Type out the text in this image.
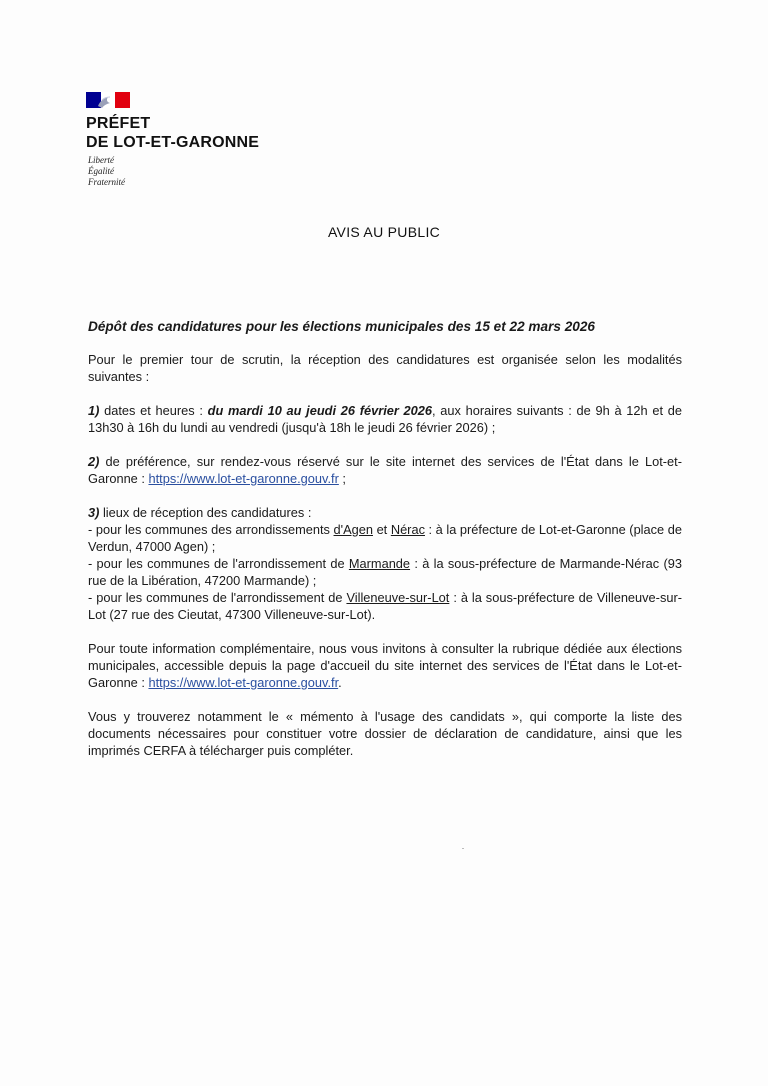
PRÉFET
DE LOT-ET-GARONNE
Liberté
Égalité
Fraternité
AVIS AU PUBLIC

Dépôt des candidatures pour les élections municipales des 15 et 22 mars 2026

Pour le premier tour de scrutin, la réception des candidatures est organisée selon les modalités suivantes :

1) dates et heures : du mardi 10 au jeudi 26 février 2026, aux horaires suivants : de 9h à 12h et de 13h30 à 16h du lundi au vendredi (jusqu'à 18h le jeudi 26 février 2026) ;

2) de préférence, sur rendez-vous réservé sur le site internet des services de l'État dans le Lot-et-Garonne : https://www.lot-et-garonne.gouv.fr ;

3) lieux de réception des candidatures :

- pour les communes des arrondissements d'Agen et Nérac : à la préfecture de Lot-et-Garonne (place de Verdun, 47000 Agen) ;

- pour les communes de l'arrondissement de Marmande : à la sous-préfecture de Marmande-Nérac (93 rue de la Libération, 47200 Marmande) ;

- pour les communes de l'arrondissement de Villeneuve-sur-Lot : à la sous-préfecture de Villeneuve-sur-Lot (27 rue des Cieutat, 47300 Villeneuve-sur-Lot).

Pour toute information complémentaire, nous vous invitons à consulter la rubrique dédiée aux élections municipales, accessible depuis la page d'accueil du site internet des services de l'État dans le Lot-et-Garonne : https://www.lot-et-garonne.gouv.fr.

Vous y trouverez notamment le « mémento à l'usage des candidats », qui comporte la liste des documents nécessaires pour constituer votre dossier de déclaration de candidature, ainsi que les imprimés CERFA à télécharger puis compléter.
